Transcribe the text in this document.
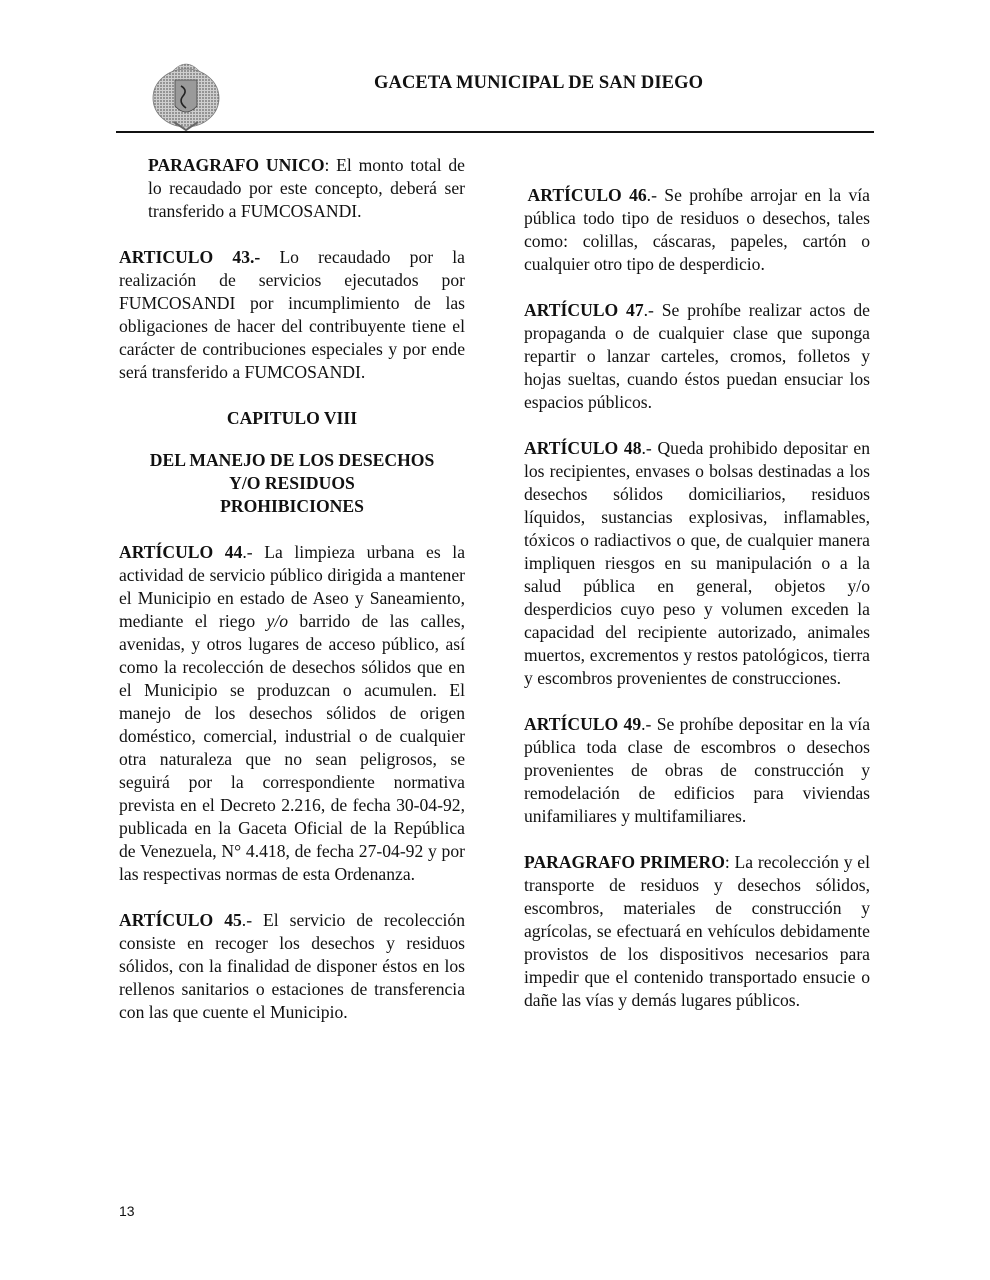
GACETA MUNICIPAL DE SAN DIEGO

PARAGRAFO UNICO: El monto total de lo recaudado por este concepto, deberá ser transferido a FUMCOSANDI.

ARTICULO 43.- Lo recaudado por la realización de servicios ejecutados por FUMCOSANDI por incumplimiento de las obligaciones de hacer del contribuyente tiene el carácter de contribuciones especiales y por ende será transferido a FUMCOSANDI.

CAPITULO VIII
DEL MANEJO DE LOS DESECHOS
Y/O RESIDUOS
PROHIBICIONES

ARTÍCULO 44.- La limpieza urbana es la actividad de servicio público dirigida a mantener el Municipio en estado de Aseo y Saneamiento, mediante el riego y/o barrido de las calles, avenidas, y otros lugares de acceso público, así como la recolección de desechos sólidos que en el Municipio se produzcan o acumulen. El manejo de los desechos sólidos de origen doméstico, comercial, industrial o de cualquier otra naturaleza que no sean peligrosos, se seguirá por la correspondiente normativa prevista en el Decreto 2.216, de fecha 30-04-92, publicada en la Gaceta Oficial de la República de Venezuela, N° 4.418, de fecha 27-04-92 y por las respectivas normas de esta Ordenanza.

ARTÍCULO 45.- El servicio de recolección consiste en recoger los desechos y residuos sólidos, con la finalidad de disponer éstos en los rellenos sanitarios o estaciones de transferencia con las que cuente el Municipio.

 ARTÍCULO 46.- Se prohíbe arrojar en la vía pública todo tipo de residuos o desechos, tales como: colillas, cáscaras, papeles, cartón o cualquier otro tipo de desperdicio.

ARTÍCULO 47.- Se prohíbe realizar actos de propaganda o de cualquier clase que suponga repartir o lanzar carteles, cromos, folletos y hojas sueltas, cuando éstos puedan ensuciar los espacios públicos.

ARTÍCULO 48.- Queda prohibido depositar en los recipientes, envases o bolsas destinadas a los desechos sólidos domiciliarios, residuos líquidos, sustancias explosivas, inflamables, tóxicos o radiactivos o que, de cualquier manera impliquen riesgos en su manipulación o a la salud pública en general, objetos y/o desperdicios cuyo peso y volumen exceden la capacidad del recipiente autorizado, animales muertos, excrementos y restos patológicos, tierra y escombros provenientes de construcciones.

ARTÍCULO 49.- Se prohíbe depositar en la vía pública toda clase de escombros o desechos provenientes de obras de construcción y remodelación de edificios para viviendas unifamiliares y multifamiliares.

PARAGRAFO PRIMERO: La recolección y el transporte de residuos y desechos sólidos, escombros, materiales de construcción y agrícolas, se efectuará en vehículos debidamente provistos de los dispositivos necesarios para impedir que el contenido transportado ensucie o dañe las vías y demás lugares públicos.

13
